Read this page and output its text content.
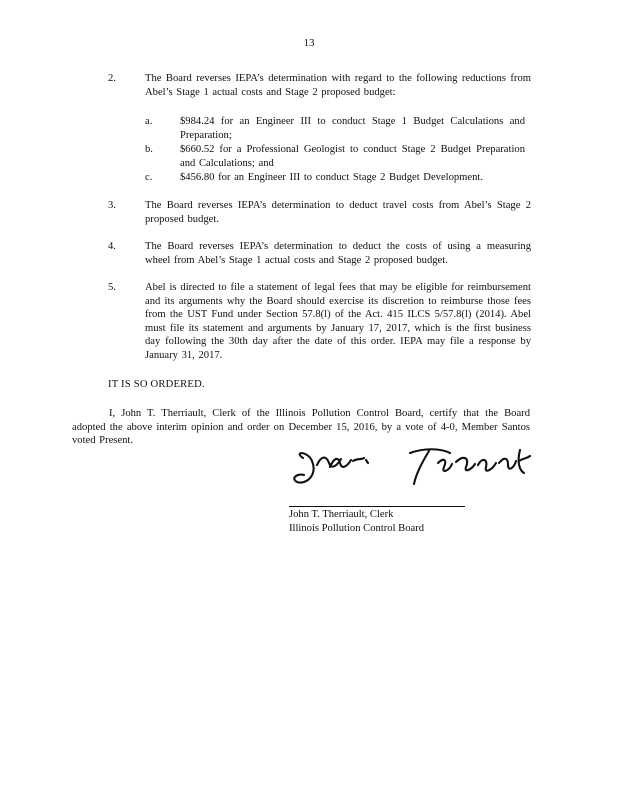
13
2.	The Board reverses IEPA’s determination with regard to the following reductions from Abel’s Stage 1 actual costs and Stage 2 proposed budget:
a.	$984.24 for an Engineer III to conduct Stage 1 Budget Calculations and Preparation;
b.	$660.52 for a Professional Geologist to conduct Stage 2 Budget Preparation and Calculations; and
c.	$456.80 for an Engineer III to conduct Stage 2 Budget Development.
3.	The Board reverses IEPA’s determination to deduct travel costs from Abel’s Stage 2 proposed budget.
4.	The Board reverses IEPA’s determination to deduct the costs of using a measuring wheel from Abel’s Stage 1 actual costs and Stage 2 proposed budget.
5.	Abel is directed to file a statement of legal fees that may be eligible for reimbursement and its arguments why the Board should exercise its discretion to reimburse those fees from the UST Fund under Section 57.8(l) of the Act. 415 ILCS 5/57.8(l) (2014). Abel must file its statement and arguments by January 17, 2017, which is the first business day following the 30th day after the date of this order. IEPA may file a response by January 31, 2017.
IT IS SO ORDERED.
I, John T. Therriault, Clerk of the Illinois Pollution Control Board, certify that the Board adopted the above interim opinion and order on December 15, 2016, by a vote of 4-0, Member Santos voted Present.
John T. Therriault, Clerk
Illinois Pollution Control Board
